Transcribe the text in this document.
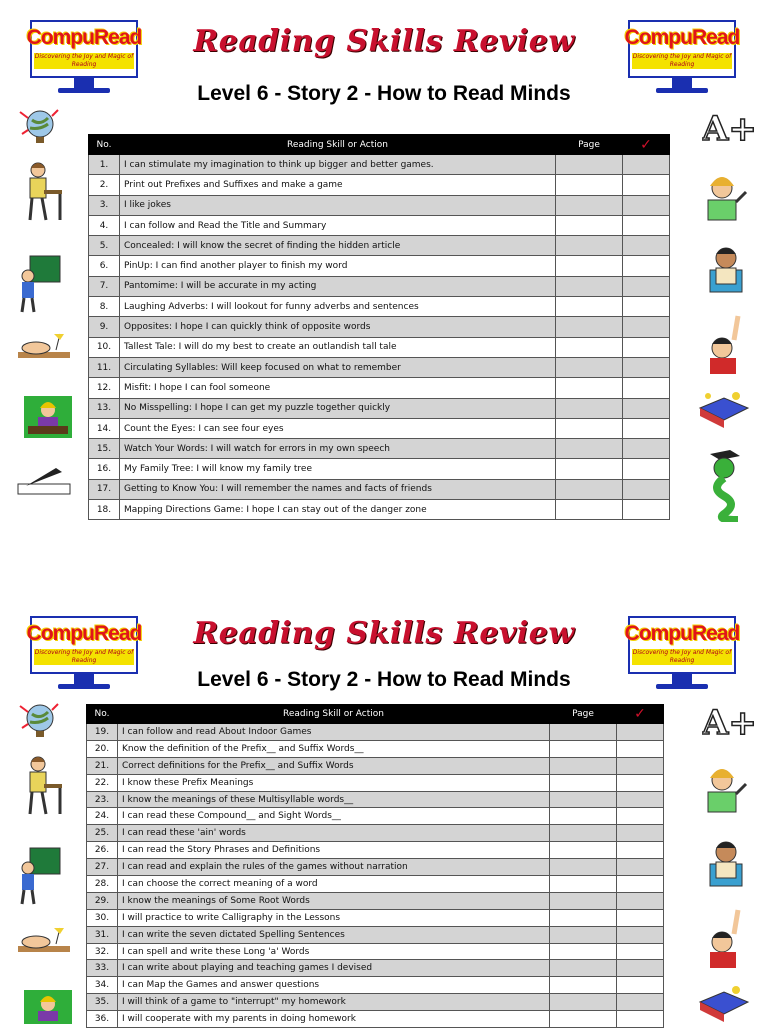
CompuRead
Discovering the Joy and Magic of Reading
CompuRead
Discovering the Joy and Magic of Reading
Reading Skills Review
Level 6 - Story 2 - How to Read Minds
A+
No.	Reading Skill or Action	Page	✓
1.	I can stimulate my imagination to think up bigger and better games.		
2.	Print out Prefixes and Suffixes and make a game		
3.	I like jokes		
4.	I can follow and Read the Title and Summary		
5.	Concealed: I will know the secret of finding the hidden article		
6.	PinUp: I can find another player to finish my word		
7.	Pantomime: I will be accurate in my acting		
8.	Laughing Adverbs: I will lookout for funny adverbs and sentences		
9.	Opposites: I hope I can quickly think of opposite words		
10.	Tallest Tale: I will do my best to create an outlandish tall tale		
11.	Circulating Syllables: Will keep focused on what to remember		
12.	Misfit: I hope I can fool someone		
13.	No Misspelling: I hope I can get my puzzle together quickly		
14.	Count the Eyes: I can see four eyes		
15.	Watch Your Words: I will watch for errors in my own speech		
16.	My Family Tree: I will know my family tree		
17.	Getting to Know You: I will remember the names and facts of friends		
18.	Mapping Directions Game: I hope I can stay out of the danger zone		
CompuRead
Discovering the Joy and Magic of Reading
CompuRead
Discovering the Joy and Magic of Reading
Reading Skills Review
Level 6 - Story 2 - How to Read Minds
A+
No.	Reading Skill or Action	Page	✓
19.	I can follow and read About Indoor Games		
20.	Know the definition of the Prefix__ and Suffix Words__		
21.	Correct definitions for the Prefix__ and Suffix Words		
22.	I know these Prefix Meanings		
23.	I know the meanings of these Multisyllable words__		
24.	I can read these Compound__ and Sight Words__		
25.	I can read these 'ain' words		
26.	I can read the Story Phrases and Definitions		
27.	I can read and explain the rules of the games without narration		
28.	I can choose the correct meaning of a word		
29.	I know the meanings of Some Root Words		
30.	I will practice to write Calligraphy in the Lessons		
31.	I can write the seven dictated Spelling Sentences		
32.	I can spell and write these Long 'a' Words		
33.	I can write about playing and teaching games I devised		
34.	I can Map the Games and answer questions		
35.	I will think of a game to "interrupt" my homework		
36.	I will cooperate with my parents in doing homework		
